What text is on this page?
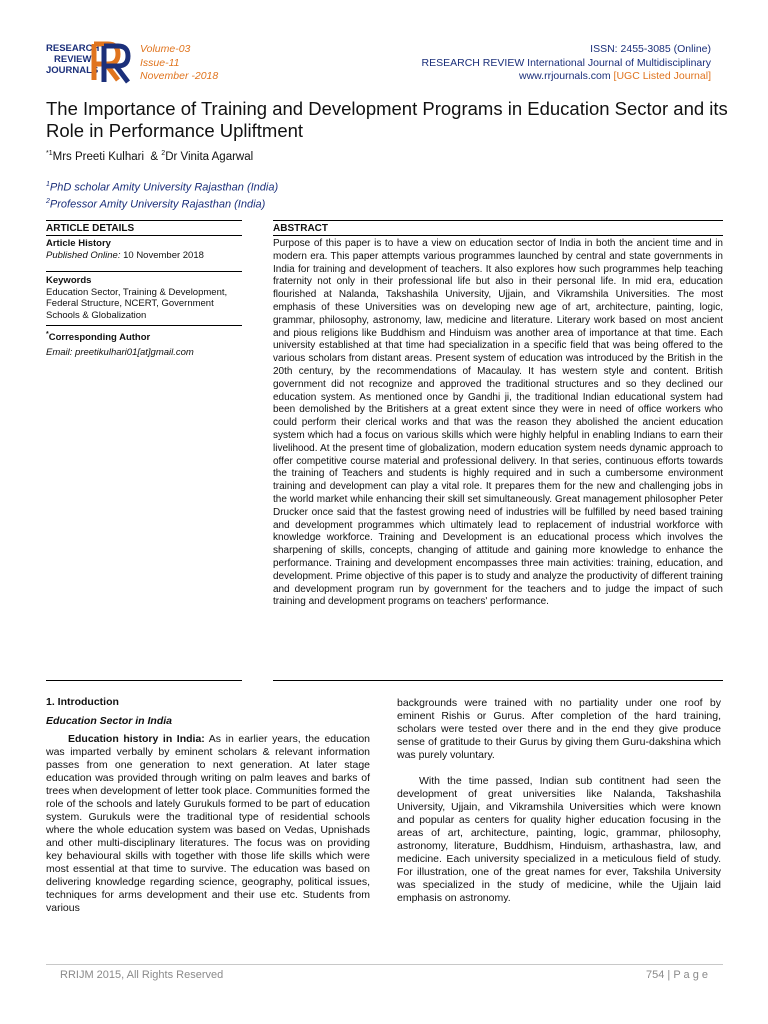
RESEARCH
REVIEW
JOURNALS
Volume-03
Issue-11
November -2018
ISSN: 2455-3085 (Online)
RESEARCH REVIEW International Journal of Multidisciplinary
www.rrjournals.com [UGC Listed Journal]
The Importance of Training and Development Programs in Education Sector and its Role in Performance Upliftment
$^{*1}$Mrs Preeti Kulhari & $^2$Dr Vinita Agarwal
$^1$PhD scholar Amity University Rajasthan (India)
$^2$Professor Amity University Rajasthan (India)
ARTICLE DETAILS	ABSTRACT
Article History
Published Online: 10 November 2018
Keywords
Education Sector, Training & Development, Federal Structure, NCERT, Government Schools & Globalization
*Corresponding Author
Email: preetikulhari01[at]gmail.com
Purpose of this paper is to have a view on education sector of India in both the ancient time and in modern era. This paper attempts various programmes launched by central and state governments in India for training and development of teachers. It also explores how such programmes help teaching fraternity not only in their professional life but also in their personal life. In mid era, education flourished at Nalanda, Takshashila University, Ujjain, and Vikramshila Universities. The most emphasis of these Universities was on developing new age of art, architecture, painting, logic, grammar, philosophy, astronomy, law, medicine and literature. Literary work based on most ancient and pious religions like Buddhism and Hinduism was another area of importance at that time. Each university established at that time had specialization in a specific field that was being offered to the various scholars from distant areas. Present system of education was introduced by the British in the 20th century, by the recommendations of Macaulay. It has western style and content. British government did not recognize and approved the traditional structures and so they declined our education system. As mentioned once by Gandhi ji, the traditional Indian educational system had been demolished by the Britishers at a great extent since they were in need of office workers who could perform their clerical works and that was the reason they abolished the ancient education system which had a focus on various skills which were highly helpful in enabling Indians to earn their livelihood. At the present time of globalization, modern education system needs dynamic approach to offer competitive course material and professional delivery. In that series, continuous efforts towards the training of Teachers and students is highly required and in such a cumbersome environment training and development can play a vital role. It prepares them for the new and challenging jobs in the world market while enhancing their skill set simultaneously. Great management philosopher Peter Drucker once said that the fastest growing need of industries will be fulfilled by need based training and development programmes which ultimately lead to replacement of industrial workforce with knowledge workforce. Training and Development is an educational process which involves the sharpening of skills, concepts, changing of attitude and gaining more knowledge to enhance the performance. Training and development encompasses three main activities: training, education, and development. Prime objective of this paper is to study and analyze the productivity of different training and development program run by government for the teachers and to judge the impact of such training and development programs on teachers' performance.
1. Introduction
Education Sector in India
Education history in India: As in earlier years, the education was imparted verbally by eminent scholars & relevant information passes from one generation to next generation. At later stage education was provided through writing on palm leaves and barks of trees when development of letter took place. Communities formed the role of the schools and lately Gurukuls formed to be part of education system. Gurukuls were the traditional type of residential schools where the whole education system was based on Vedas, Upnishads and other multi-disciplinary literatures. The focus was on providing key behavioural skills with together with those life skills which were most essential at that time to survive. The education was based on delivering knowledge regarding science, geography, political issues, techniques for arms development and their use etc. Students from various

backgrounds were trained with no partiality under one roof by eminent Rishis or Gurus. After completion of the hard training, scholars were tested over there and in the end they give produce sense of gratitude to their Gurus by giving them Guru-dakshina which was purely voluntary.

With the time passed, Indian sub contitnent had seen the development of great universities like Nalanda, Takshashila University, Ujjain, and Vikramshila Universities which were known and popular as centers for quality higher education focusing in the areas of art, architecture, painting, logic, grammar, philosophy, astronomy, literature, Buddhism, Hinduism, arthashastra, law, and medicine. Each university specialized in a meticulous field of study. For illustration, one of the great names for ever, Takshila University was specialized in the study of medicine, while the Ujjain laid emphasis on astronomy.

RRIJM 2015, All Rights Reserved	754 | P a g e
